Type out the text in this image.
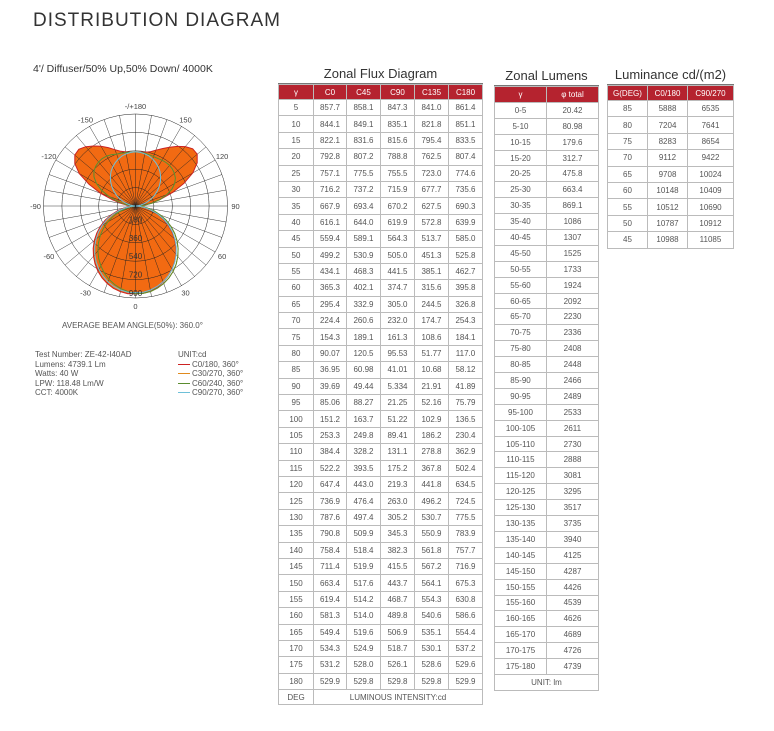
DISTRIBUTION DIAGRAM
4'/ Diffuser/50% Up,50% Down/ 4000K
180
360
540
720
900
-/+180
150
-150
120
-120
90
-90
60
-60
30
-30
0
AVERAGE BEAM ANGLE(50%): 360.0°
Test Number: ZE-42-I40AD
Lumens: 4739.1 Lm
Watts: 40 W
LPW: 118.48 Lm/W
CCT: 4000K
UNIT:cd
C0/180, 360°
C30/270, 360°
C60/240, 360°
C90/270, 360°
Zonal Flux Diagram
γ	C0	C45	C90	C135	C180
5	857.7	858.1	847.3	841.0	861.4
10	844.1	849.1	835.1	821.8	851.1
15	822.1	831.6	815.6	795.4	833.5
20	792.8	807.2	788.8	762.5	807.4
25	757.1	775.5	755.5	723.0	774.6
30	716.2	737.2	715.9	677.7	735.6
35	667.9	693.4	670.2	627.5	690.3
40	616.1	644.0	619.9	572.8	639.9
45	559.4	589.1	564.3	513.7	585.0
50	499.2	530.9	505.0	451.3	525.8
55	434.1	468.3	441.5	385.1	462.7
60	365.3	402.1	374.7	315.6	395.8
65	295.4	332.9	305.0	244.5	326.8
70	224.4	260.6	232.0	174.7	254.3
75	154.3	189.1	161.3	108.6	184.1
80	90.07	120.5	95.53	51.77	117.0
85	36.95	60.98	41.01	10.68	58.12
90	39.69	49.44	5.334	21.91	41.89
95	85.06	88.27	21.25	52.16	75.79
100	151.2	163.7	51.22	102.9	136.5
105	253.3	249.8	89.41	186.2	230.4
110	384.4	328.2	131.1	278.8	362.9
115	522.2	393.5	175.2	367.8	502.4
120	647.4	443.0	219.3	441.8	634.5
125	736.9	476.4	263.0	496.2	724.5
130	787.6	497.4	305.2	530.7	775.5
135	790.8	509.9	345.3	550.9	783.9
140	758.4	518.4	382.3	561.8	757.7
145	711.4	519.9	415.5	567.2	716.9
150	663.4	517.6	443.7	564.1	675.3
155	619.4	514.2	468.7	554.3	630.8
160	581.3	514.0	489.8	540.6	586.6
165	549.4	519.6	506.9	535.1	554.4
170	534.3	524.9	518.7	530.1	537.2
175	531.2	528.0	526.1	528.6	529.6
180	529.9	529.8	529.8	529.8	529.9
DEG	LUMINOUS INTENSITY:cd				
Zonal Lumens
γ	φ total
0-5	20.42
5-10	80.98
10-15	179.6
15-20	312.7
20-25	475.8
25-30	663.4
30-35	869.1
35-40	1086
40-45	1307
45-50	1525
50-55	1733
55-60	1924
60-65	2092
65-70	2230
70-75	2336
75-80	2408
80-85	2448
85-90	2466
90-95	2489
95-100	2533
100-105	2611
105-110	2730
110-115	2888
115-120	3081
120-125	3295
125-130	3517
130-135	3735
135-140	3940
140-145	4125
145-150	4287
150-155	4426
155-160	4539
160-165	4626
165-170	4689
170-175	4726
175-180	4739
UNIT: lm	
Luminance cd/(m2)
G(DEG)	C0/180	C90/270
85	5888	6535
80	7204	7641
75	8283	8654
70	9112	9422
65	9708	10024
60	10148	10409
55	10512	10690
50	10787	10912
45	10988	11085
